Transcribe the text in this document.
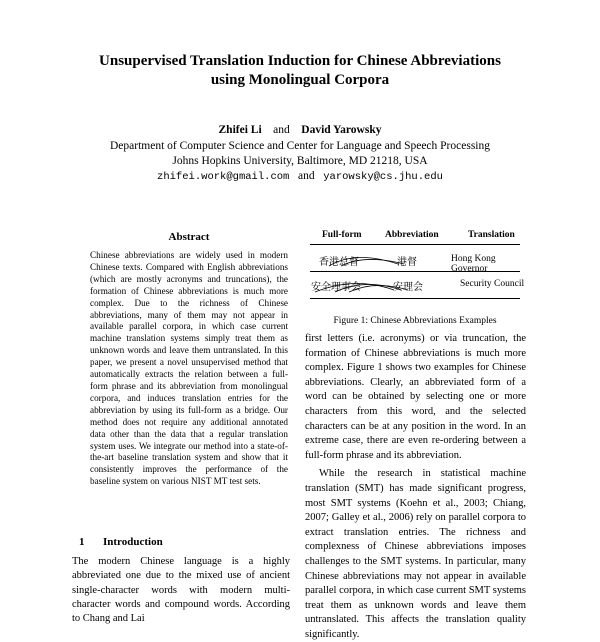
Unsupervised Translation Induction for Chinese Abbreviations
using Monolingual Corpora
Zhifei Li and David Yarowsky
Department of Computer Science and Center for Language and Speech Processing
Johns Hopkins University, Baltimore, MD 21218, USA
zhifei.work@gmail.com and yarowsky@cs.jhu.edu
Abstract

Chinese abbreviations are widely used in modern Chinese texts. Compared with English abbreviations (which are mostly acronyms and truncations), the formation of Chinese abbreviations is much more complex. Due to the richness of Chinese abbreviations, many of them may not appear in available parallel corpora, in which case current machine translation systems simply treat them as unknown words and leave them untranslated. In this paper, we present a novel unsupervised method that automatically extracts the relation between a full-form phrase and its abbreviation from monolingual corpora, and induces translation entries for the abbreviation by using its full-form as a bridge. Our method does not require any additional annotated data other than the data that a regular translation system uses. We integrate our method into a state-of-the-art baseline translation system and show that it consistently improves the performance of the baseline system on various NIST MT test sets.

1 Introduction
The modern Chinese language is a highly abbreviated one due to the mixed use of ancient single-character words with modern multi-character words and compound words. According to Chang and Lai
Full-form Abbreviation	Translation
香港总督	港督	Hong Kong Governor
安全理事会	安理会	Security Council
Figure 1: Chinese Abbreviations Examples

first letters (i.e. acronyms) or via truncation, the formation of Chinese abbreviations is much more complex. Figure 1 shows two examples for Chinese abbreviations. Clearly, an abbreviated form of a word can be obtained by selecting one or more characters from this word, and the selected characters can be at any position in the word. In an extreme case, there are even re-ordering between a full-form phrase and its abbreviation.

While the research in statistical machine translation (SMT) has made significant progress, most SMT systems (Koehn et al., 2003; Chiang, 2007; Galley et al., 2006) rely on parallel corpora to extract translation entries. The richness and complexness of Chinese abbreviations imposes challenges to the SMT systems. In particular, many Chinese abbreviations may not appear in available parallel corpora, in which case current SMT systems treat them as unknown words and leave them untranslated. This affects the translation quality significantly.
